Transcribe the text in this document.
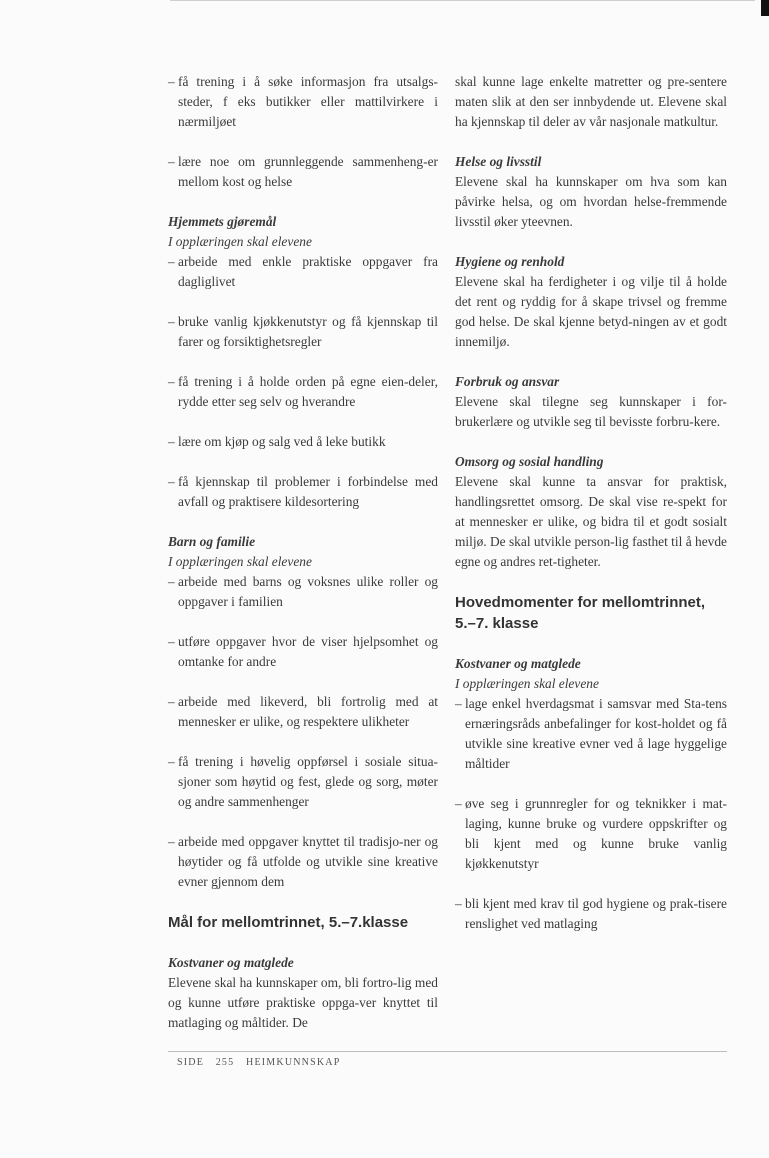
– få trening i å søke informasjon fra utsalgs-steder, f eks butikker eller mattilvirkere i nærmiljøet
– lære noe om grunnleggende sammenheng-er mellom kost og helse
Hjemmets gjøremål
I opplæringen skal elevene
– arbeide med enkle praktiske oppgaver fra dagliglivet
– bruke vanlig kjøkkenutstyr og få kjennskap til farer og forsiktighetsregler
– få trening i å holde orden på egne eien-deler, rydde etter seg selv og hverandre
– lære om kjøp og salg ved å leke butikk
– få kjennskap til problemer i forbindelse med avfall og praktisere kildesortering
Barn og familie
I opplæringen skal elevene
– arbeide med barns og voksnes ulike roller og oppgaver i familien
– utføre oppgaver hvor de viser hjelpsomhet og omtanke for andre
– arbeide med likeverd, bli fortrolig med at mennesker er ulike, og respektere ulikheter
– få trening i høvelig oppførsel i sosiale situa-sjoner som høytid og fest, glede og sorg, møter og andre sammenhenger
– arbeide med oppgaver knyttet til tradisjo-ner og høytider og få utfolde og utvikle sine kreative evner gjennom dem
Mål for mellomtrinnet, 5.–7.klasse
Kostvaner og matglede
Elevene skal ha kunnskaper om, bli fortro-lig med og kunne utføre praktiske oppga-ver knyttet til matlaging og måltider. De
skal kunne lage enkelte matretter og pre-sentere maten slik at den ser innbydende ut. Elevene skal ha kjennskap til deler av vår nasjonale matkultur.
Helse og livsstil
Elevene skal ha kunnskaper om hva som kan påvirke helsa, og om hvordan helse-fremmende livsstil øker yteevnen.
Hygiene og renhold
Elevene skal ha ferdigheter i og vilje til å holde det rent og ryddig for å skape trivsel og fremme god helse. De skal kjenne betyd-ningen av et godt innemiljø.
Forbruk og ansvar
Elevene skal tilegne seg kunnskaper i for-brukerlære og utvikle seg til bevisste forbru-kere.
Omsorg og sosial handling
Elevene skal kunne ta ansvar for praktisk, handlingsrettet omsorg. De skal vise re-spekt for at mennesker er ulike, og bidra til et godt sosialt miljø. De skal utvikle person-lig fasthet til å hevde egne og andres ret-tigheter.
Hovedmomenter for mellomtrinnet, 5.–7. klasse
Kostvaner og matglede
I opplæringen skal elevene
– lage enkel hverdagsmat i samsvar med Sta-tens ernæringsråds anbefalinger for kost-holdet og få utvikle sine kreative evner ved å lage hyggelige måltider
– øve seg i grunnregler for og teknikker i mat-laging, kunne bruke og vurdere oppskrifter og bli kjent med og kunne bruke vanlig kjøkkenutstyr
– bli kjent med krav til god hygiene og prak-tisere renslighet ved matlaging
SIDE 255 HEIMKUNNSKAP
